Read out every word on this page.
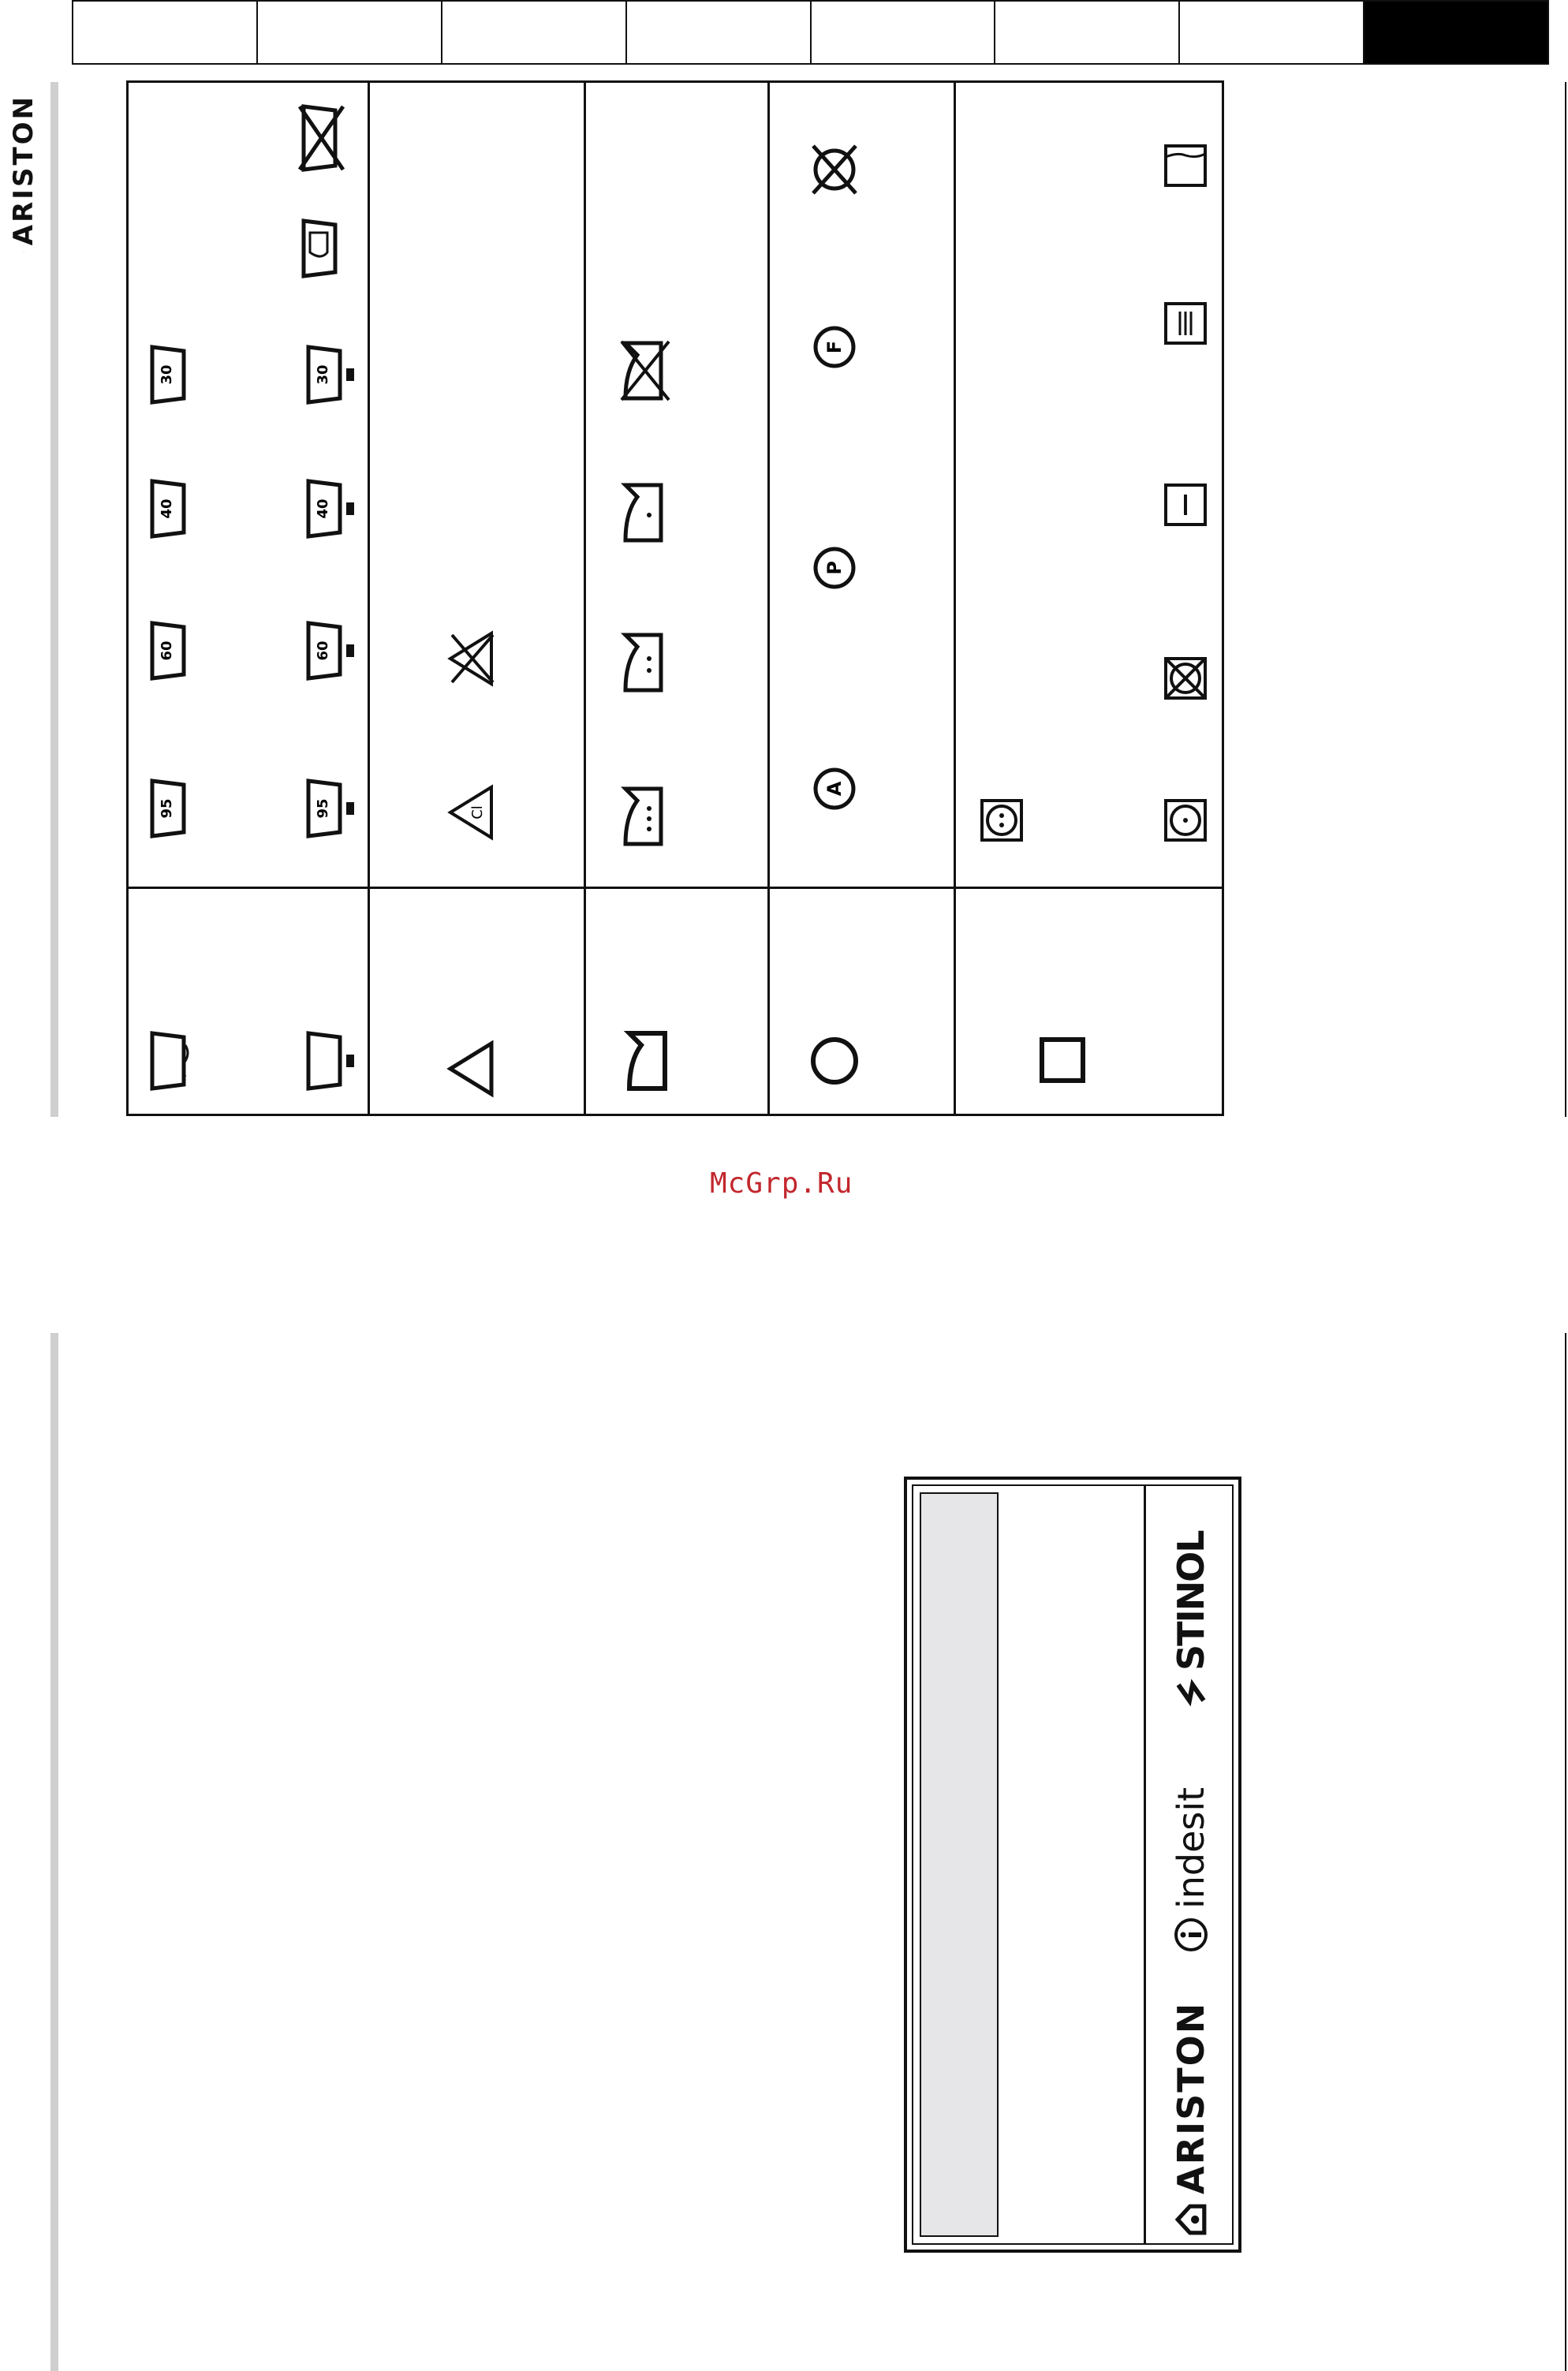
ARISTON
95
60
40
30
95
60
40
30
Cl
A
P
F
McGrp.Ru
ARISTON
indesit
STINOL
